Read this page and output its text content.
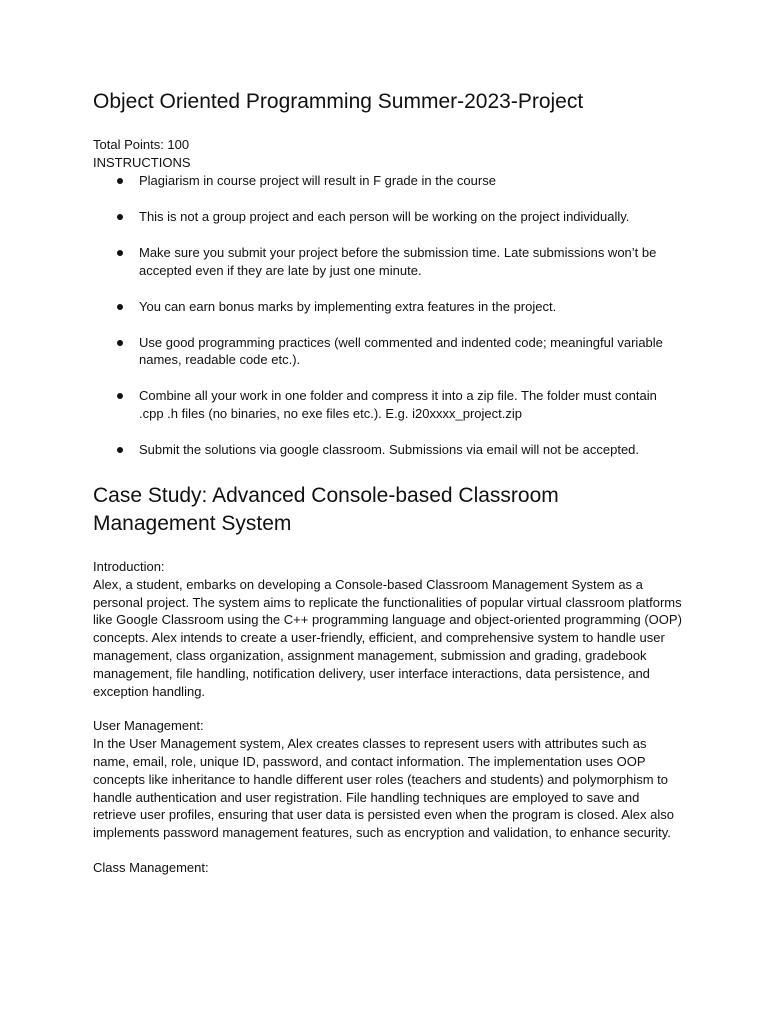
Object Oriented Programming Summer-2023-Project
Total Points: 100
INSTRUCTIONS
Plagiarism in course project will result in F grade in the course
This is not a group project and each person will be working on the project individually.
Make sure you submit your project before the submission time. Late submissions won’t be accepted even if they are late by just one minute.
You can earn bonus marks by implementing extra features in the project.
Use good programming practices (well commented and indented code; meaningful variable names, readable code etc.).
Combine all your work in one folder and compress it into a zip file. The folder must contain .cpp .h files (no binaries, no exe files etc.). E.g. i20xxxx_project.zip
Submit the solutions via google classroom. Submissions via email will not be accepted.
Case Study: Advanced Console-based Classroom Management System
Introduction:
Alex, a student, embarks on developing a Console-based Classroom Management System as a personal project. The system aims to replicate the functionalities of popular virtual classroom platforms like Google Classroom using the C++ programming language and object-oriented programming (OOP) concepts. Alex intends to create a user-friendly, efficient, and comprehensive system to handle user management, class organization, assignment management, submission and grading, gradebook management, file handling, notification delivery, user interface interactions, data persistence, and exception handling.
User Management:
In the User Management system, Alex creates classes to represent users with attributes such as name, email, role, unique ID, password, and contact information. The implementation uses OOP concepts like inheritance to handle different user roles (teachers and students) and polymorphism to handle authentication and user registration. File handling techniques are employed to save and retrieve user profiles, ensuring that user data is persisted even when the program is closed. Alex also implements password management features, such as encryption and validation, to enhance security.
Class Management:
